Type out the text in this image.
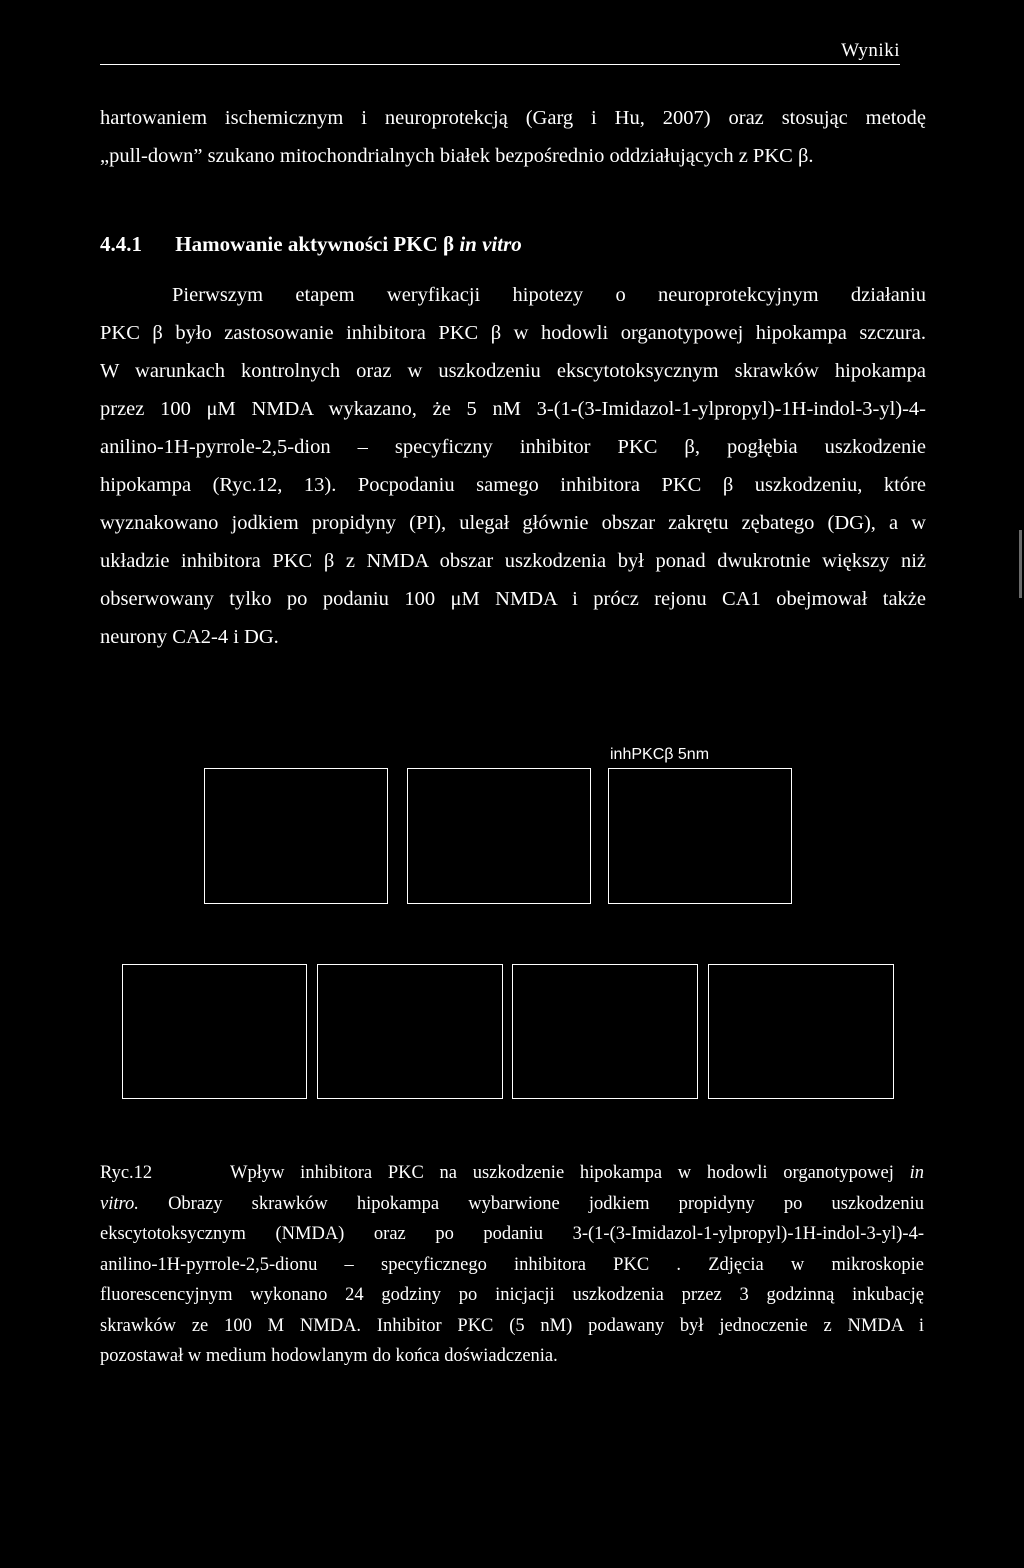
Wyniki
hartowaniem ischemicznym i neuroprotekcją (Garg i Hu, 2007) oraz stosując metodę
„pull-down” szukano mitochondrialnych białek bezpośrednio oddziałujących z PKC β.
4.4.1 Hamowanie aktywności PKC β in vitro
Pierwszym etapem weryfikacji hipotezy o neuroprotekcyjnym działaniu
PKC β było zastosowanie inhibitora PKC β w hodowli organotypowej hipokampa szczura.
W warunkach kontrolnych oraz w uszkodzeniu ekscytotoksycznym skrawków hipokampa
przez 100 μM NMDA wykazano, że 5 nM 3-(1-(3-Imidazol-1-ylpropyl)-1H-indol-3-yl)-4-
anilino-1H-pyrrole-2,5-dion – specyficzny inhibitor PKC β, pogłębia uszkodzenie
hipokampa (Ryc.12, 13). Pocpodaniu samego inhibitora PKC β uszkodzeniu, które
wyznakowano jodkiem propidyny (PI), ulegał głównie obszar zakrętu zębatego (DG), a w
układzie inhibitora PKC β z NMDA obszar uszkodzenia był ponad dwukrotnie większy niż
obserwowany tylko po podaniu 100 μM NMDA i prócz rejonu CA1 obejmował także
neurony CA2-4 i DG.
inhPKCβ 5nm
Ryc.12	Wpływ inhibitora PKC na uszkodzenie hipokampa w hodowli organotypowej in
vitro. Obrazy skrawków hipokampa wybarwione jodkiem propidyny po uszkodzeniu
ekscytotoksycznym (NMDA) oraz po podaniu 3-(1-(3-Imidazol-1-ylpropyl)-1H-indol-3-yl)-4-
anilino-1H-pyrrole-2,5-dionu – specyficznego inhibitora PKC . Zdjęcia w mikroskopie
fluorescencyjnym wykonano 24 godziny po inicjacji uszkodzenia przez 3 godzinną inkubację
skrawków ze 100 M NMDA. Inhibitor PKC (5 nM) podawany był jednoczenie z NMDA i
pozostawał w medium hodowlanym do końca doświadczenia.
